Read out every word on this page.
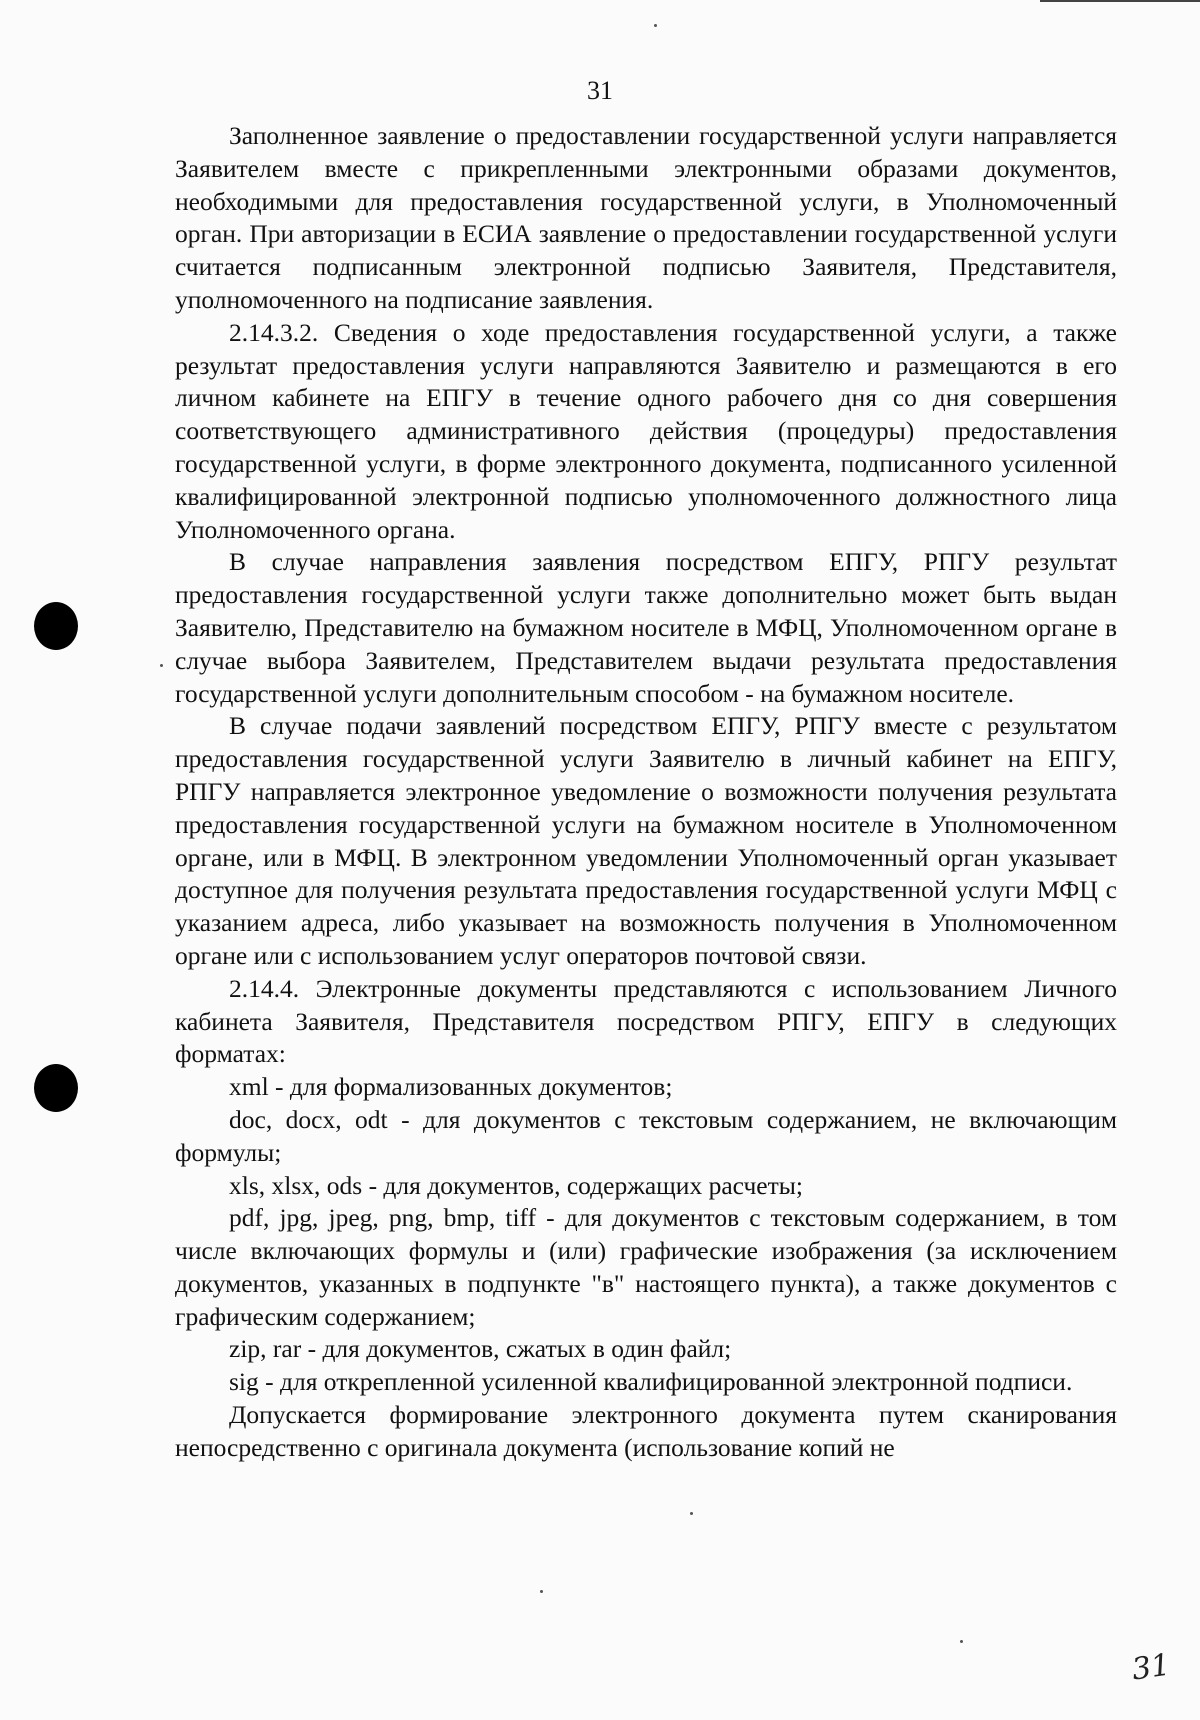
31

Заполненное заявление о предоставлении государственной услуги направляется Заявителем вместе с прикрепленными электронными образами документов, необходимыми для предоставления государственной услуги, в Уполномоченный орган. При авторизации в ЕСИА заявление о предоставлении государственной услуги считается подписанным электронной подписью Заявителя, Представителя, уполномоченного на подписание заявления.

2.14.3.2. Сведения о ходе предоставления государственной услуги, а также результат предоставления услуги направляются Заявителю и размещаются в его личном кабинете на ЕПГУ в течение одного рабочего дня со дня совершения соответствующего административного действия (процедуры) предоставления государственной услуги, в форме электронного документа, подписанного усиленной квалифицированной электронной подписью уполномоченного должностного лица Уполномоченного органа.

В случае направления заявления посредством ЕПГУ, РПГУ результат предоставления государственной услуги также дополнительно может быть выдан Заявителю, Представителю на бумажном носителе в МФЦ, Уполномоченном органе в случае выбора Заявителем, Представителем выдачи результата предоставления государственной услуги дополнительным способом - на бумажном носителе.

В случае подачи заявлений посредством ЕПГУ, РПГУ вместе с результатом предоставления государственной услуги Заявителю в личный кабинет на ЕПГУ, РПГУ направляется электронное уведомление о возможности получения результата предоставления государственной услуги на бумажном носителе в Уполномоченном органе, или в МФЦ. В электронном уведомлении Уполномоченный орган указывает доступное для получения результата предоставления государственной услуги МФЦ с указанием адреса, либо указывает на возможность получения в Уполномоченном органе или с использованием услуг операторов почтовой связи.

2.14.4. Электронные документы представляются с использованием Личного кабинета Заявителя, Представителя посредством РПГУ, ЕПГУ в следующих форматах:

xml - для формализованных документов;

doc, docx, odt - для документов с текстовым содержанием, не включающим формулы;

xls, xlsx, ods - для документов, содержащих расчеты;

pdf, jpg, jpeg, png, bmp, tiff - для документов с текстовым содержанием, в том числе включающих формулы и (или) графические изображения (за исключением документов, указанных в подпункте "в" настоящего пункта), а также документов с графическим содержанием;

zip, rar - для документов, сжатых в один файл;

sig - для открепленной усиленной квалифицированной электронной подписи.

Допускается формирование электронного документа путем сканирования непосредственно с оригинала документа (использование копий не

31
